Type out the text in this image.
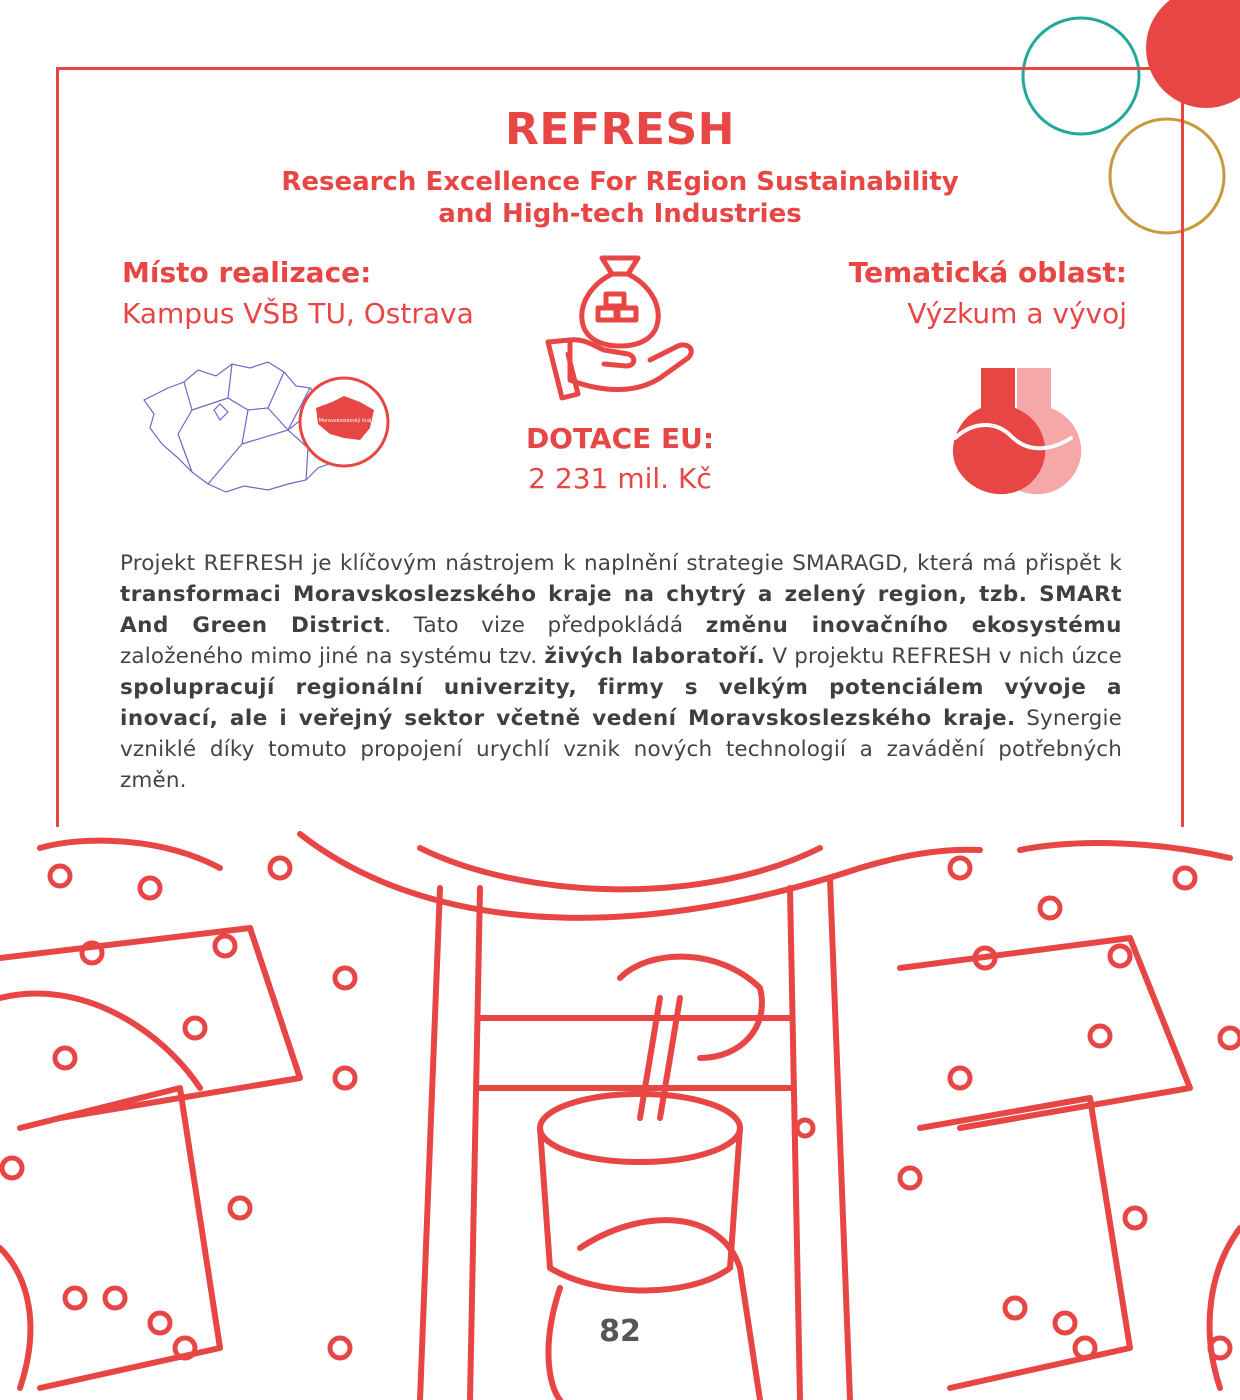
REFRESH
Research Excellence For REgion Sustainability
and High-tech Industries
Místo realizace:
Kampus VŠB TU, Ostrava
Tematická oblast:
Výzkum a vývoj
DOTACE EU:
2 231 mil. Kč
Moravskoslezský kraj
Projekt REFRESH je klíčovým nástrojem k naplnění strategie SMARAGD, která má přispět k transformaci Moravskoslezského kraje na chytrý a zelený region, tzb. SMARt And Green District. Tato vize předpokládá změnu inovačního ekosystému založeného mimo jiné na systému tzv. živých laboratoří. V projektu REFRESH v nich úzce spolupracují regionální univerzity, firmy s velkým potenciálem vývoje a inovací, ale i veřejný sektor včetně vedení Moravskoslezského kraje. Synergie vzniklé díky tomuto propojení urychlí vznik nových technologií a zavádění potřebných změn.
82
